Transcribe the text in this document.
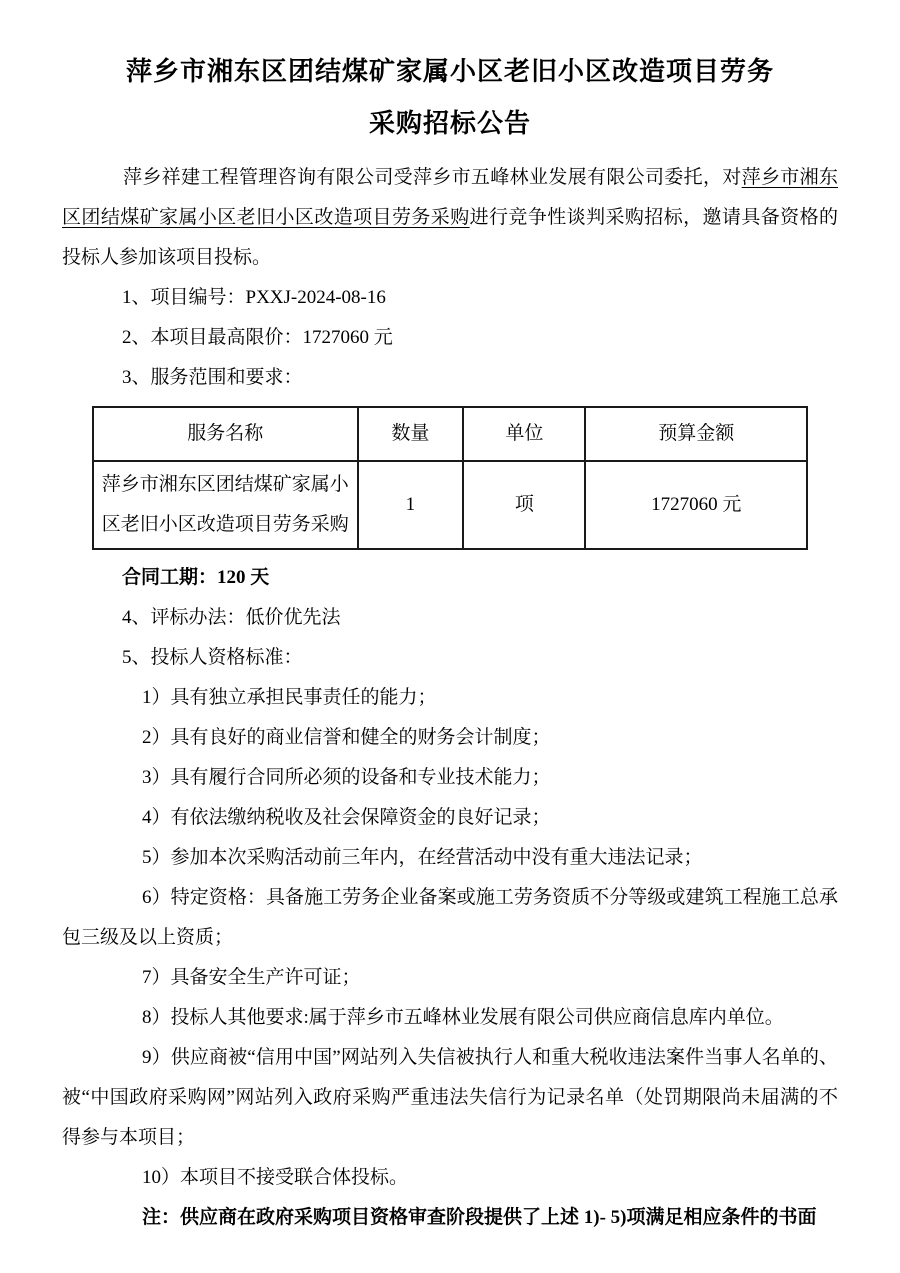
萍乡市湘东区团结煤矿家属小区老旧小区改造项目劳务
采购招标公告

萍乡祥建工程管理咨询有限公司受萍乡市五峰林业发展有限公司委托，对萍乡市湘东区团结煤矿家属小区老旧小区改造项目劳务采购进行竞争性谈判采购招标，邀请具备资格的投标人参加该项目投标。

1、项目编号：PXXJ-2024-08-16

2、本项目最高限价：1727060 元

3、服务范围和要求：

服务名称	数量	单位	预算金额
萍乡市湘东区团结煤矿家属小区老旧小区改造项目劳务采购	1	项	1727060 元

合同工期：120 天

4、评标办法：低价优先法

5、投标人资格标准：

1）具有独立承担民事责任的能力；

2）具有良好的商业信誉和健全的财务会计制度；

3）具有履行合同所必须的设备和专业技术能力；

4）有依法缴纳税收及社会保障资金的良好记录；

5）参加本次采购活动前三年内，在经营活动中没有重大违法记录；

6）特定资格：具备施工劳务企业备案或施工劳务资质不分等级或建筑工程施工总承包三级及以上资质；

7）具备安全生产许可证；

8）投标人其他要求:属于萍乡市五峰林业发展有限公司供应商信息库内单位。

9）供应商被“信用中国”网站列入失信被执行人和重大税收违法案件当事人名单的、被“中国政府采购网”网站列入政府采购严重违法失信行为记录名单（处罚期限尚未届满的不得参与本项目；

10）本项目不接受联合体投标。

注：供应商在政府采购项目资格审查阶段提供了上述 1)- 5)项满足相应条件的书面
